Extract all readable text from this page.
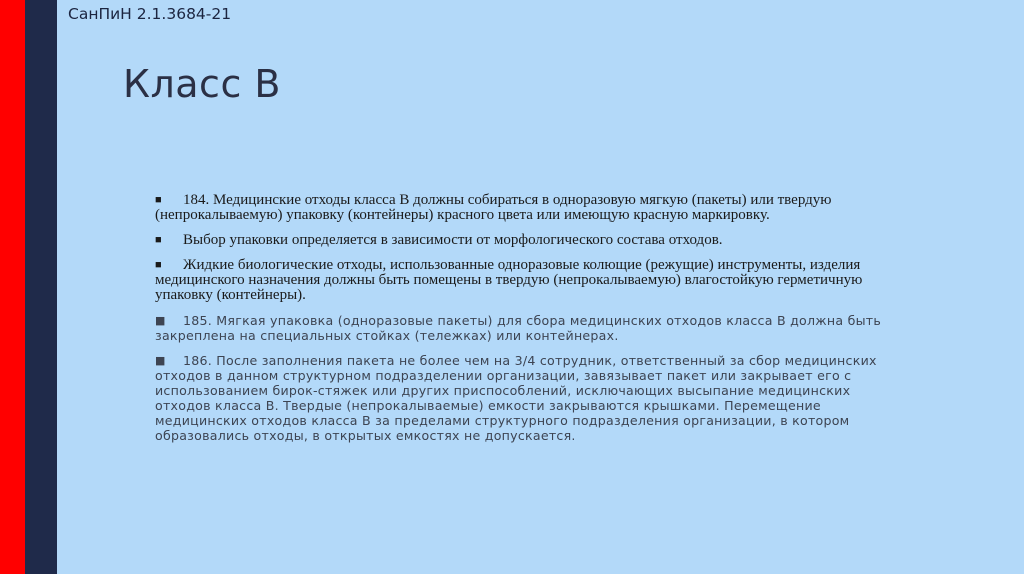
СанПиН 2.1.3684-21
Класс В

■ 184. Медицинские отходы класса В должны собираться в одноразовую мягкую (пакеты) или твердую (непрокалываемую) упаковку (контейнеры) красного цвета или имеющую красную маркировку.

■ Выбор упаковки определяется в зависимости от морфологического состава отходов.

■ Жидкие биологические отходы, использованные одноразовые колющие (режущие) инструменты, изделия медицинского назначения должны быть помещены в твердую (непрокалываемую) влагостойкую герметичную упаковку (контейнеры).

■ 185. Мягкая упаковка (одноразовые пакеты) для сбора медицинских отходов класса В должна быть закреплена на специальных стойках (тележках) или контейнерах.

■ 186. После заполнения пакета не более чем на 3/4 сотрудник, ответственный за сбор медицинских отходов в данном структурном подразделении организации, завязывает пакет или закрывает его с использованием бирок-стяжек или других приспособлений, исключающих высыпание медицинских отходов класса В. Твердые (непрокалываемые) емкости закрываются крышками. Перемещение медицинских отходов класса В за пределами структурного подразделения организации, в котором образовались отходы, в открытых емкостях не допускается.
